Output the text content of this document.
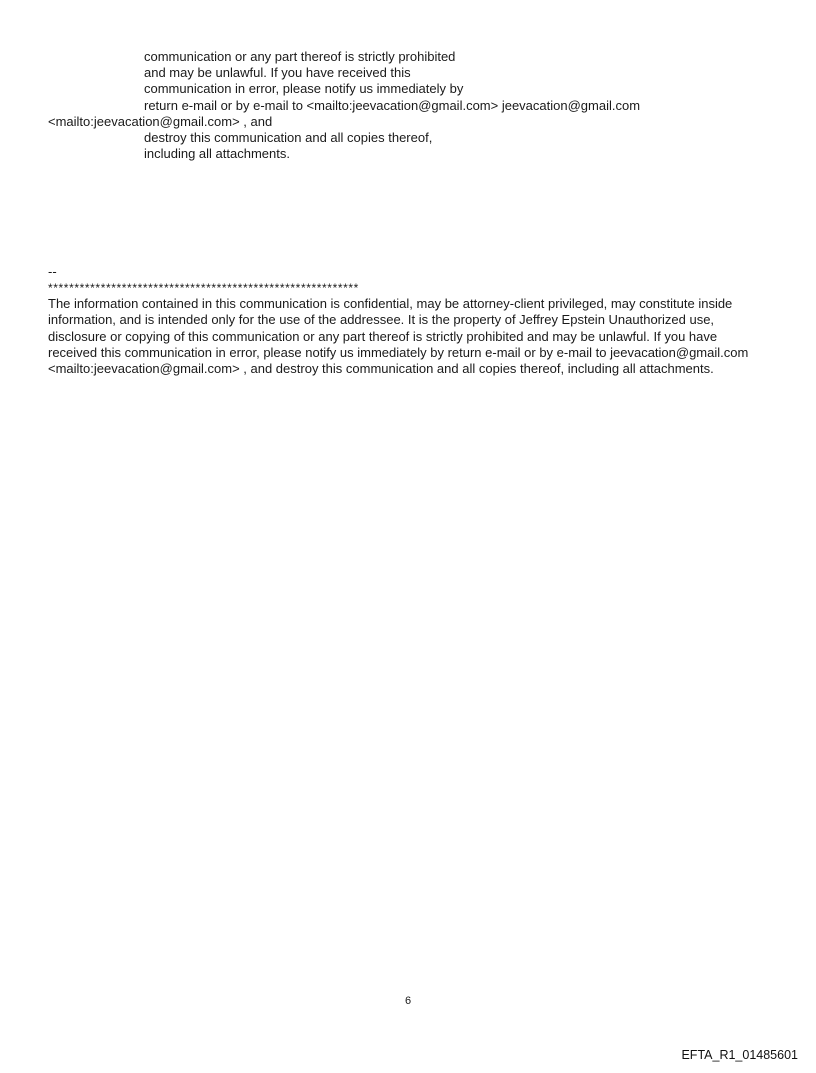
communication or any part thereof is strictly prohibited
and may be unlawful. If you have received this
communication in error, please notify us immediately by
return e-mail or by e-mail to <mailto:jeevacation@gmail.com> jeevacation@gmail.com
<mailto:jeevacation@gmail.com> , and
destroy this communication and all copies thereof,
including all attachments.
--
***********************************************************

The information contained in this communication is confidential, may be attorney-client privileged, may constitute inside information, and is intended only for the use of the addressee. It is the property of Jeffrey Epstein Unauthorized use, disclosure or copying of this communication or any part thereof is strictly prohibited and may be unlawful. If you have received this communication in error, please notify us immediately by return e-mail or by e-mail to jeevacation@gmail.com <mailto:jeevacation@gmail.com> , and destroy this communication and all copies thereof, including all attachments.

6
EFTA_R1_01485601
